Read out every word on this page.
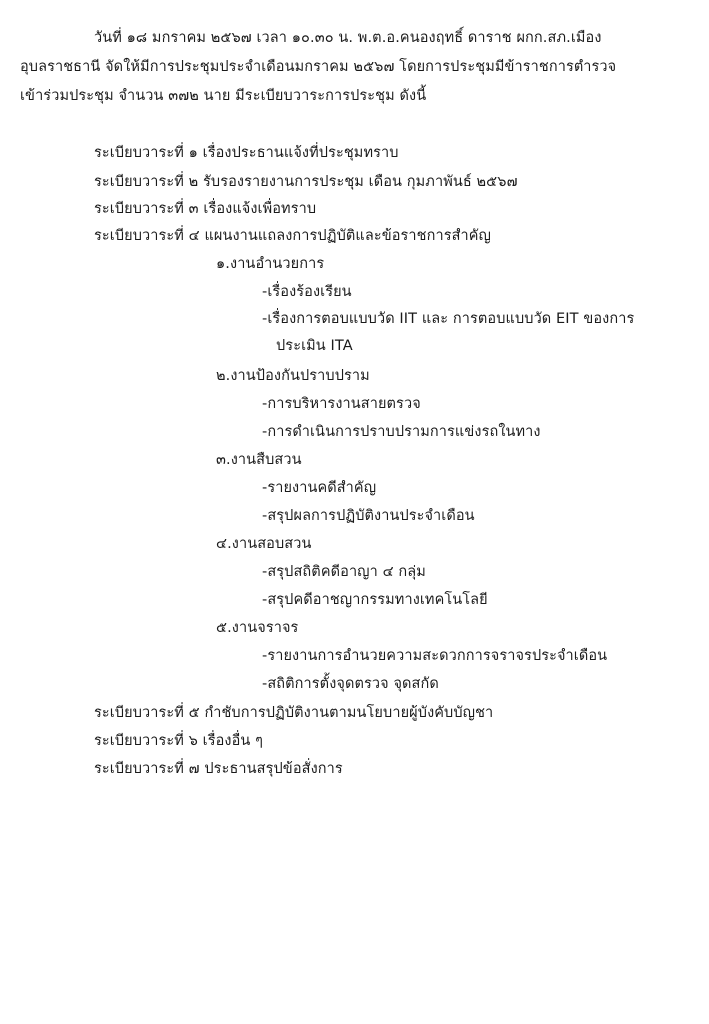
วันที่ ๑๘ มกราคม ๒๕๖๗ เวลา ๑๐.๓๐ น. พ.ต.อ.คนองฤทธิ์ ดาราช ผกก.สภ.เมือง
อุบลราชธานี จัดให้มีการประชุมประจำเดือนมกราคม ๒๕๖๗ โดยการประชุมมีข้าราชการตำรวจ
เข้าร่วมประชุม จำนวน ๓๗๒ นาย มีระเบียบวาระการประชุม ดังนี้
ระเบียบวาระที่ ๑ เรื่องประธานแจ้งที่ประชุมทราบ
ระเบียบวาระที่ ๒ รับรองรายงานการประชุม เดือน กุมภาพันธ์ ๒๕๖๗
ระเบียบวาระที่ ๓ เรื่องแจ้งเพื่อทราบ
ระเบียบวาระที่ ๔ แผนงานแถลงการปฏิบัติและข้อราชการสำคัญ
๑.งานอำนวยการ
-เรื่องร้องเรียน
-เรื่องการตอบแบบวัด IIT และ การตอบแบบวัด EIT ของการ
ประเมิน ITA
๒.งานป้องกันปราบปราม
-การบริหารงานสายตรวจ
-การดำเนินการปราบปรามการแข่งรถในทาง
๓.งานสืบสวน
-รายงานคดีสำคัญ
-สรุปผลการปฏิบัติงานประจำเดือน
๔.งานสอบสวน
-สรุปสถิติคดีอาญา ๔ กลุ่ม
-สรุปคดีอาชญากรรมทางเทคโนโลยี
๕.งานจราจร
-รายงานการอำนวยความสะดวกการจราจรประจำเดือน
-สถิติการตั้งจุดตรวจ จุดสกัด
ระเบียบวาระที่ ๕ กำชับการปฏิบัติงานตามนโยบายผู้บังคับบัญชา
ระเบียบวาระที่ ๖ เรื่องอื่น ๆ
ระเบียบวาระที่ ๗ ประธานสรุปข้อสั่งการ
